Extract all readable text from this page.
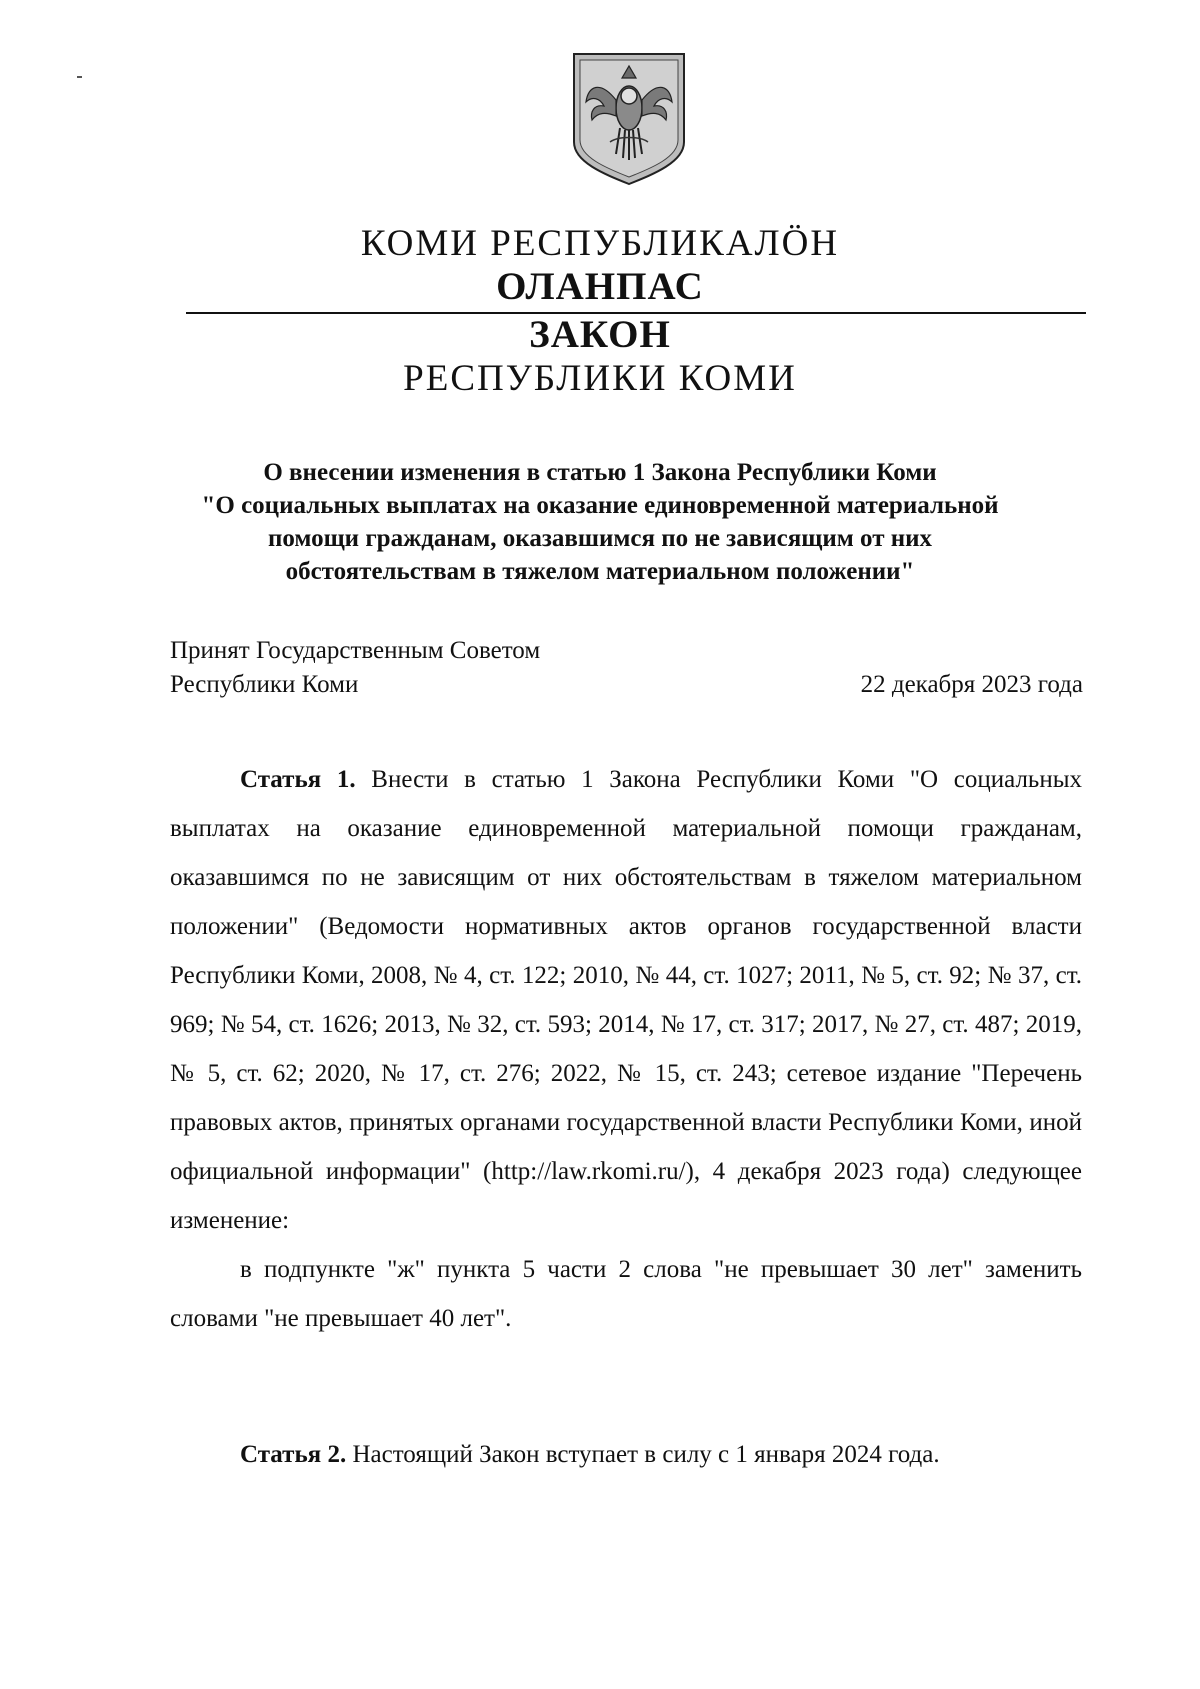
КОМИ РЕСПУБЛИКАЛӦН
ОЛАНПАС
ЗАКОН
РЕСПУБЛИКИ КОМИ
О внесении изменения в статью 1 Закона Республики Коми
"О социальных выплатах на оказание единовременной материальной
помощи гражданам, оказавшимся по не зависящим от них
обстоятельствам в тяжелом материальном положении"
Принят Государственным Советом
Республики Коми	22 декабря 2023 года

Статья 1. Внести в статью 1 Закона Республики Коми "О социальных выплатах на оказание единовременной материальной помощи гражданам, оказавшимся по не зависящим от них обстоятельствам в тяжелом материальном положении" (Ведомости нормативных актов органов государственной власти Республики Коми, 2008, № 4, ст. 122; 2010, № 44, ст. 1027; 2011, № 5, ст. 92; № 37, ст. 969; № 54, ст. 1626; 2013, № 32, ст. 593; 2014, № 17, ст. 317; 2017, № 27, ст. 487; 2019, № 5, ст. 62; 2020, № 17, ст. 276; 2022, № 15, ст. 243; сетевое издание "Перечень правовых актов, принятых органами государственной власти Республики Коми, иной официальной информации" (http://law.rkomi.ru/), 4 декабря 2023 года) следующее изменение:

в подпункте "ж" пункта 5 части 2 слова "не превышает 30 лет" заменить словами "не превышает 40 лет".

Статья 2. Настоящий Закон вступает в силу с 1 января 2024 года.
